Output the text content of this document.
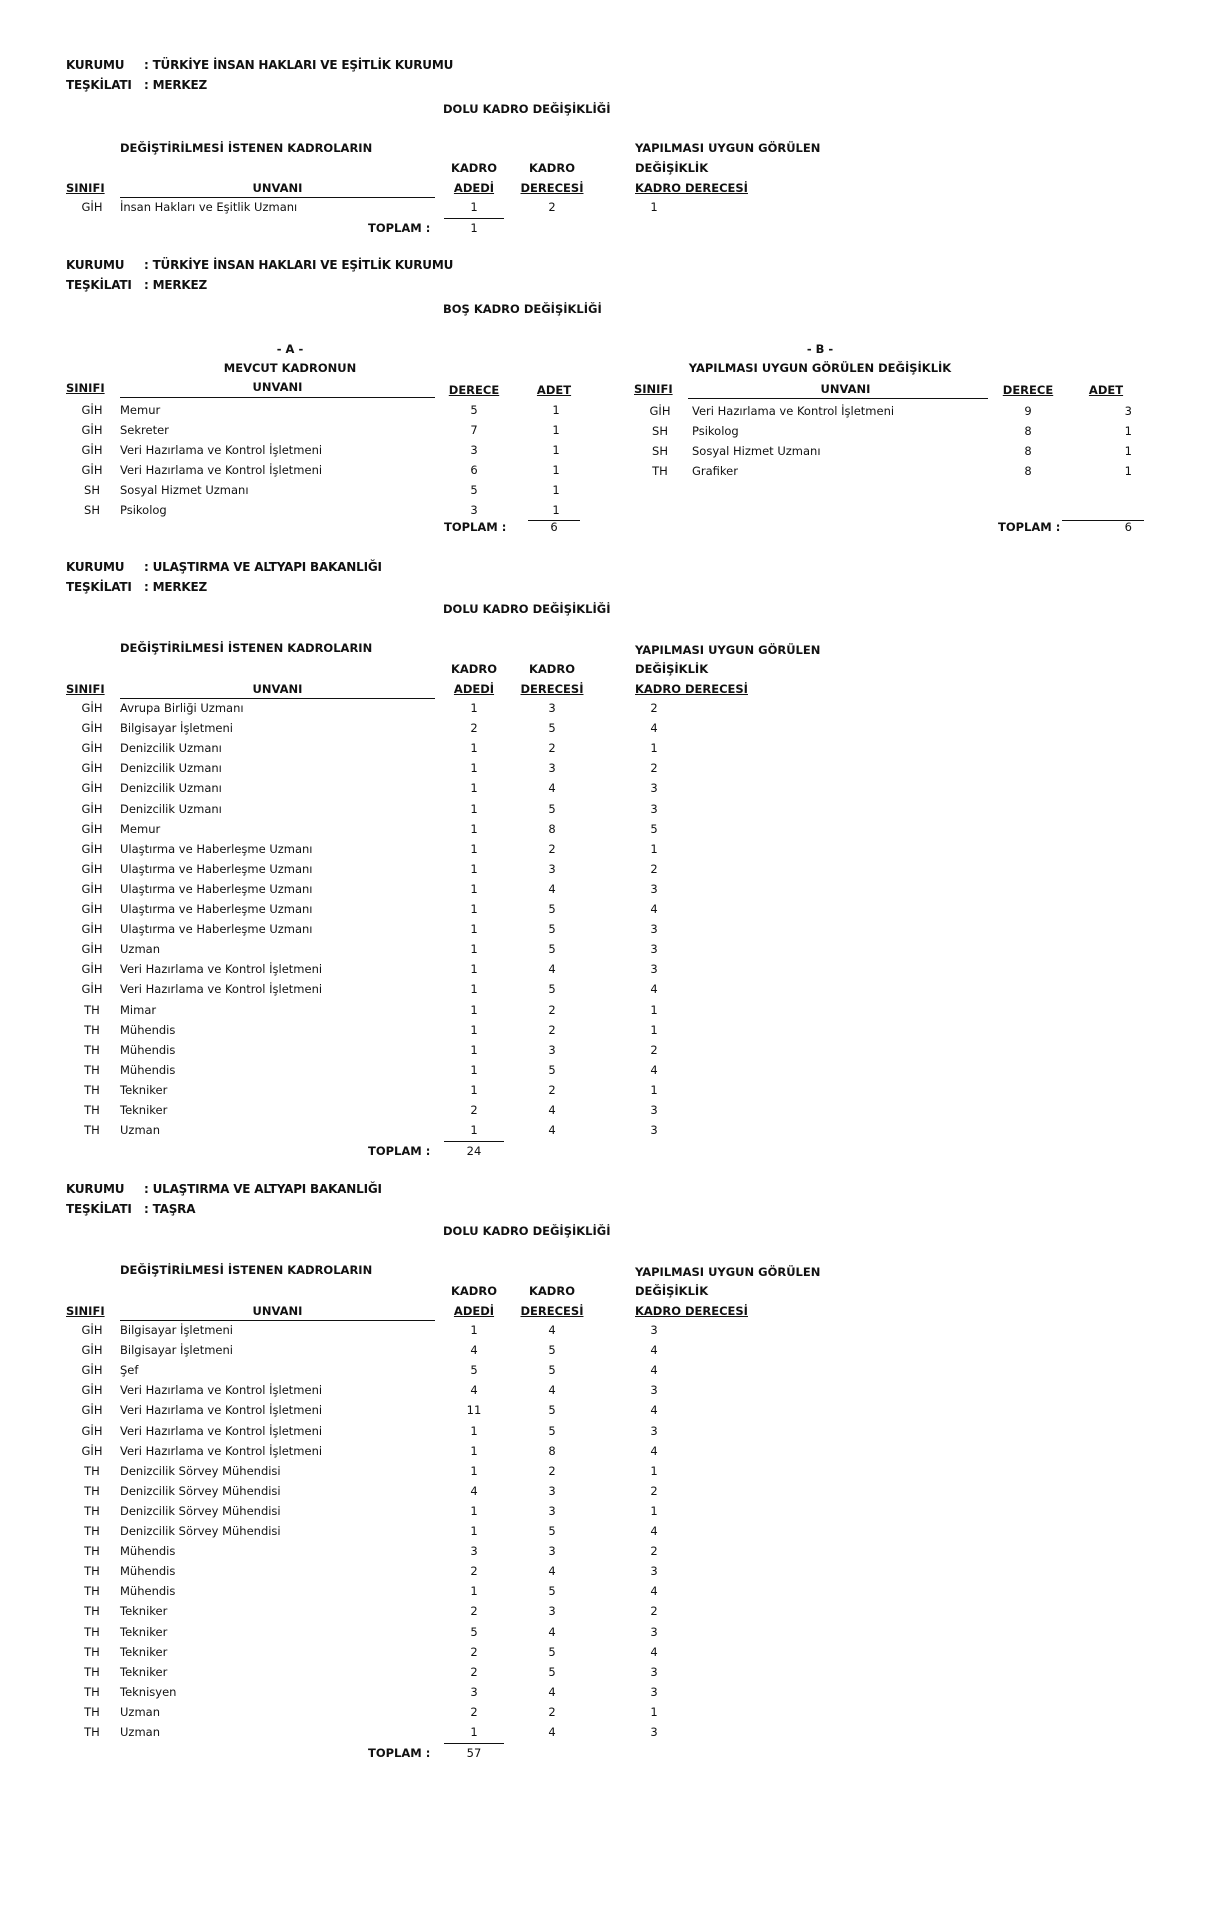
KURUMU : TÜRKİYE İNSAN HAKLARI VE EŞİTLİK KURUMU
TEŞKİLATI : MERKEZ
DOLU KADRO DEĞİŞİKLİĞİ
DEĞİŞTİRİLMESİ İSTENEN KADROLARIN	YAPILMASI UYGUN GÖRÜLEN
DEĞİŞİKLİK
KADRO	KADRO
SINIFI	UNVANI	ADEDİ	DERECESİ	KADRO DERECESİ
GİH	İnsan Hakları ve Eşitlik Uzmanı	1	2	1
TOPLAM :	1
KURUMU : TÜRKİYE İNSAN HAKLARI VE EŞİTLİK KURUMU
TEŞKİLATI : MERKEZ
BOŞ KADRO DEĞİŞİKLİĞİ
- A -
MEVCUT KADRONUN
- B -
YAPILMASI UYGUN GÖRÜLEN DEĞİŞİKLİK
SINIFI	UNVANI	DERECE	ADET	SINIFI	UNVANI	DERECE	ADET
GİH	Memur	5	1
GİH	Sekreter	7	1
GİH	Veri Hazırlama ve Kontrol İşletmeni	3	1
GİH	Veri Hazırlama ve Kontrol İşletmeni	6	1
SH	Sosyal Hizmet Uzmanı	5	1
SH	Psikolog	3	1
GİH	Veri Hazırlama ve Kontrol İşletmeni	9	3
SH	Psikolog	8	1
SH	Sosyal Hizmet Uzmanı	8	1
TH	Grafiker	8	1
TOPLAM :	6	TOPLAM :	6
KURUMU : ULAŞTIRMA VE ALTYAPI BAKANLIĞI
TEŞKİLATI : MERKEZ
DOLU KADRO DEĞİŞİKLİĞİ
DEĞİŞTİRİLMESİ İSTENEN KADROLARIN	YAPILMASI UYGUN GÖRÜLEN
DEĞİŞİKLİK
KADRO	KADRO
SINIFI	UNVANI	ADEDİ	DERECESİ	KADRO DERECESİ
GİH	Avrupa Birliği Uzmanı	1	3	2
GİH	Bilgisayar İşletmeni	2	5	4
GİH	Denizcilik Uzmanı	1	2	1
GİH	Denizcilik Uzmanı	1	3	2
GİH	Denizcilik Uzmanı	1	4	3
GİH	Denizcilik Uzmanı	1	5	3
GİH	Memur	1	8	5
GİH	Ulaştırma ve Haberleşme Uzmanı	1	2	1
GİH	Ulaştırma ve Haberleşme Uzmanı	1	3	2
GİH	Ulaştırma ve Haberleşme Uzmanı	1	4	3
GİH	Ulaştırma ve Haberleşme Uzmanı	1	5	4
GİH	Ulaştırma ve Haberleşme Uzmanı	1	5	3
GİH	Uzman	1	5	3
GİH	Veri Hazırlama ve Kontrol İşletmeni	1	4	3
GİH	Veri Hazırlama ve Kontrol İşletmeni	1	5	4
TH	Mimar	1	2	1
TH	Mühendis	1	2	1
TH	Mühendis	1	3	2
TH	Mühendis	1	5	4
TH	Tekniker	1	2	1
TH	Tekniker	2	4	3
TH	Uzman	1	4	3
TOPLAM :	24
KURUMU : ULAŞTIRMA VE ALTYAPI BAKANLIĞI
TEŞKİLATI : TAŞRA
DOLU KADRO DEĞİŞİKLİĞİ
DEĞİŞTİRİLMESİ İSTENEN KADROLARIN	YAPILMASI UYGUN GÖRÜLEN
DEĞİŞİKLİK
KADRO	KADRO
SINIFI	UNVANI	ADEDİ	DERECESİ	KADRO DERECESİ
GİH	Bilgisayar İşletmeni	1	4	3
GİH	Bilgisayar İşletmeni	4	5	4
GİH	Şef	5	5	4
GİH	Veri Hazırlama ve Kontrol İşletmeni	4	4	3
GİH	Veri Hazırlama ve Kontrol İşletmeni	11	5	4
GİH	Veri Hazırlama ve Kontrol İşletmeni	1	5	3
GİH	Veri Hazırlama ve Kontrol İşletmeni	1	8	4
TH	Denizcilik Sörvey Mühendisi	1	2	1
TH	Denizcilik Sörvey Mühendisi	4	3	2
TH	Denizcilik Sörvey Mühendisi	1	3	1
TH	Denizcilik Sörvey Mühendisi	1	5	4
TH	Mühendis	3	3	2
TH	Mühendis	2	4	3
TH	Mühendis	1	5	4
TH	Tekniker	2	3	2
TH	Tekniker	5	4	3
TH	Tekniker	2	5	4
TH	Tekniker	2	5	3
TH	Teknisyen	3	4	3
TH	Uzman	2	2	1
TH	Uzman	1	4	3
TOPLAM :	57
